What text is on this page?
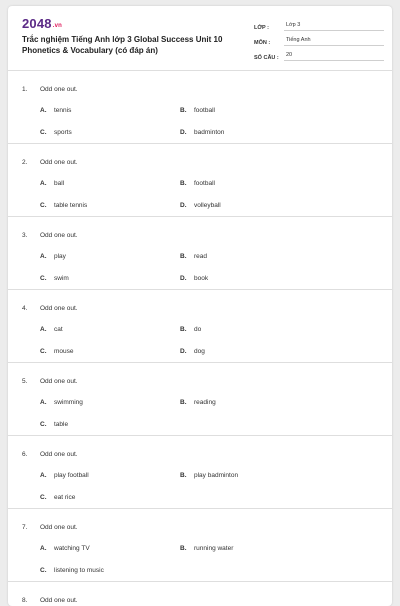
2048.vn
Trắc nghiệm Tiếng Anh lớp 3 Global Success Unit 10 Phonetics & Vocabulary (có đáp án)
LỚP :	Lớp 3
MÔN :	Tiếng Anh
SỐ CÂU :	20
1. Odd one out.
A. tennis	B. football
C. sports	D. badminton
2. Odd one out.
A. ball	B. football
C. table tennis	D. volleyball
3. Odd one out.
A. play	B. read
C. swim	D. book
4. Odd one out.
A. cat	B. do
C. mouse	D. dog
5. Odd one out.
A. swimming	B. reading
C. table
6. Odd one out.
A. play football	B. play badminton
C. eat rice
7. Odd one out.
A. watching TV	B. running water
C. listening to music
8. Odd one out.
